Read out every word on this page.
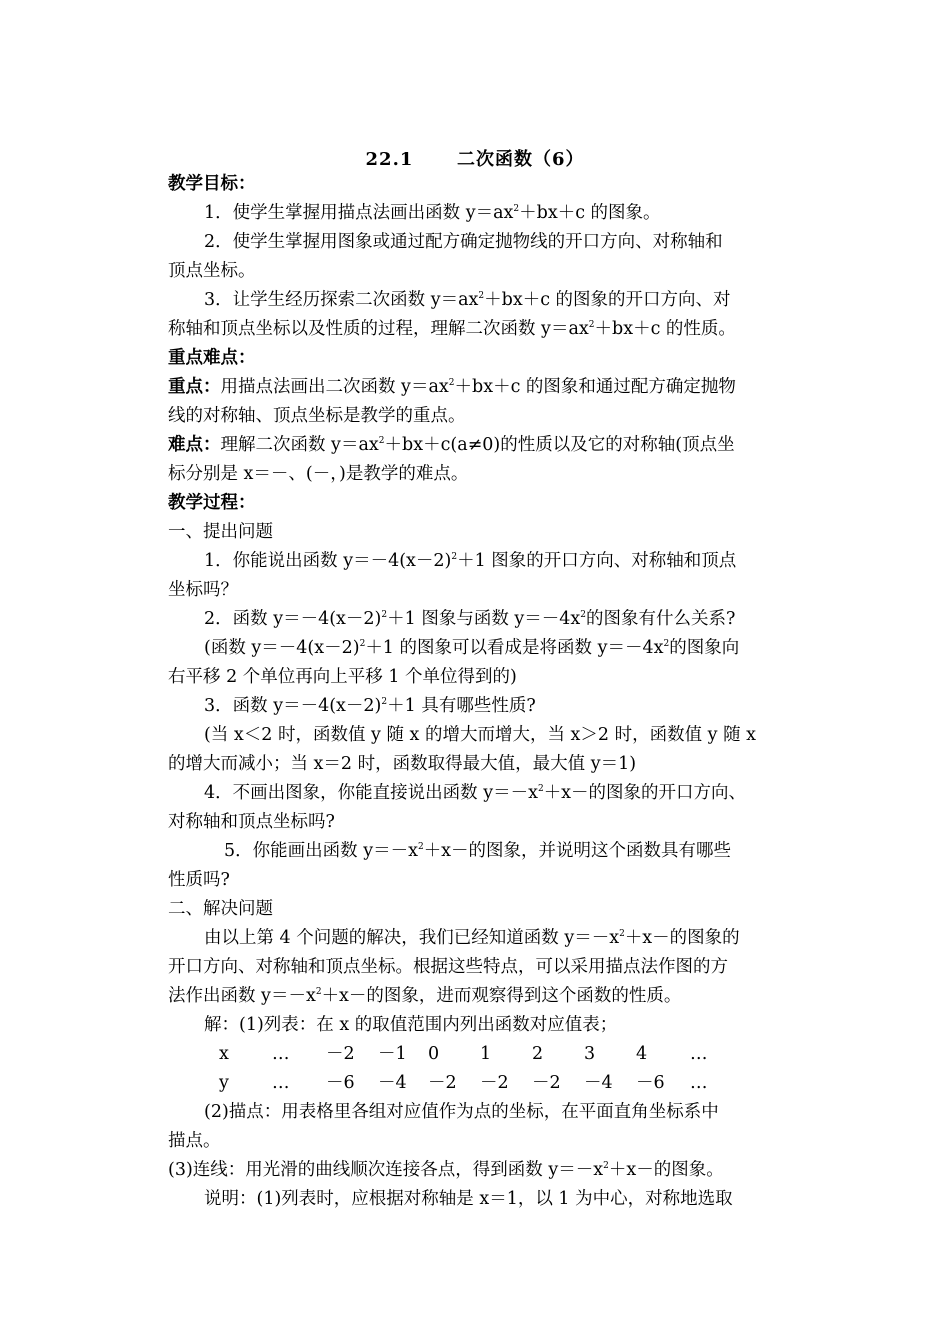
22.1      二次函数（6）
教学目标：
1．使学生掌握用描点法画出函数 $y=ax^2+bx+c$ 的图象。
2．使学生掌握用图象或通过配方确定抛物线的开口方向、对称轴和
顶点坐标。
3．让学生经历探索二次函数 $y=ax^2+bx+c$ 的图象的开口方向、对
称轴和顶点坐标以及性质的过程，理解二次函数 $y=ax^2+bx+c$ 的性质。
重点难点：
重点：用描点法画出二次函数 $y=ax^2+bx+c$ 的图象和通过配方确定抛物
线的对称轴、顶点坐标是教学的重点。
难点：理解二次函数 $y=ax^2+bx+c(a\ne 0)$的性质以及它的对称轴(顶点坐
标分别是 x＝－、(－，)是教学的难点。
教学过程：
一、提出问题
1．你能说出函数 $y=-4(x-2)^2+1$ 图象的开口方向、对称轴和顶点
坐标吗？
2．函数 $y=-4(x-2)^2+1$ 图象与函数 $y=-4x^2$的图象有什么关系?
(函数 $y=-4(x-2)^2+1$ 的图象可以看成是将函数 $y=-4x^2$的图象向
右平移 2 个单位再向上平移 1 个单位得到的)
3．函数 $y=-4(x-2)^2+1$ 具有哪些性质?
(当 x＜2 时，函数值 y 随 x 的增大而增大，当 x＞2 时，函数值 y 随 x
的增大而减小；当 x＝2 时，函数取得最大值，最大值 y＝1)
4．不画出图象，你能直接说出函数 $y=-x^2+x-$的图象的开口方向、
对称轴和顶点坐标吗?
5．你能画出函数 $y=-x^2+x-$的图象，并说明这个函数具有哪些
性质吗?
二、解决问题
由以上第 4 个问题的解决，我们已经知道函数 $y=-x^2+x-$的图象的
开口方向、对称轴和顶点坐标。根据这些特点，可以采用描点法作图的方
法作出函数 $y=-x^2+x-$的图象，进而观察得到这个函数的性质。
解：(1)列表：在 x 的取值范围内列出函数对应值表；
x … －2 －1 0 1 2 3 4 …
y … －6 －4 －2 －2 －2 －4 －6 …
(2)描点：用表格里各组对应值作为点的坐标，在平面直角坐标系中
描点。
(3)连线：用光滑的曲线顺次连接各点，得到函数 $y=-x^2+x-$的图象。
说明：(1)列表时，应根据对称轴是 x＝1，以 1 为中心，对称地选取
